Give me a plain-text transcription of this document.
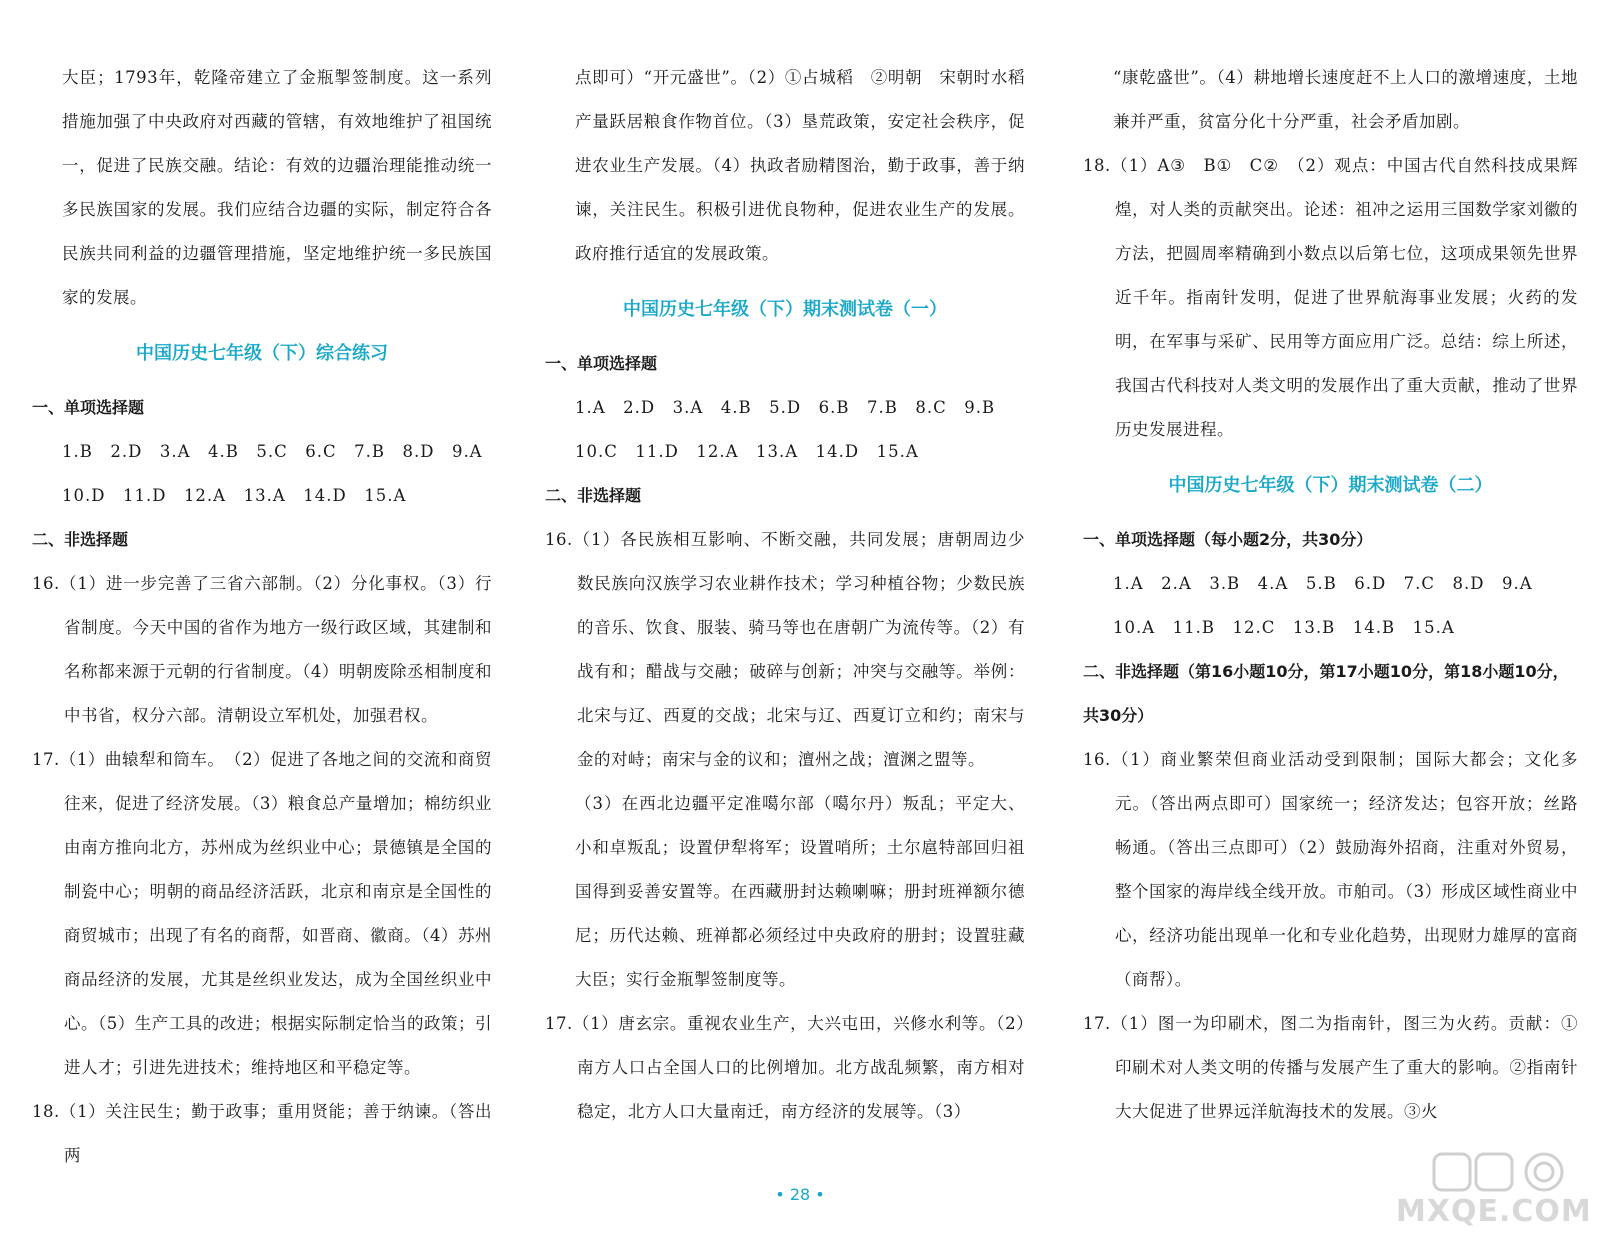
大臣；1793年，乾隆帝建立了金瓶掣签制度。这一系列措施加强了中央政府对西藏的管辖，有效地维护了祖国统一，促进了民族交融。结论：有效的边疆治理能推动统一多民族国家的发展。我们应结合边疆的实际，制定符合各民族共同利益的边疆管理措施，坚定地维护统一多民族国家的发展。

中国历史七年级（下）综合练习

一、单项选择题

1.B　2.D　3.A　4.B　5.C　6.C　7.B　8.D　9.A

10.D　11.D　12.A　13.A　14.D　15.A

二、非选择题

16.（1）进一步完善了三省六部制。（2）分化事权。（3）行省制度。今天中国的省作为地方一级行政区域，其建制和名称都来源于元朝的行省制度。（4）明朝废除丞相制度和中书省，权分六部。清朝设立军机处，加强君权。

17.（1）曲辕犁和筒车。　（2）促进了各地之间的交流和商贸往来，促进了经济发展。（3）粮食总产量增加；棉纺织业由南方推向北方，苏州成为丝织业中心；景德镇是全国的制瓷中心；明朝的商品经济活跃，北京和南京是全国性的商贸城市；出现了有名的商帮，如晋商、徽商。（4）苏州商品经济的发展，尤其是丝织业发达，成为全国丝织业中心。（5）生产工具的改进；根据实际制定恰当的政策；引进人才；引进先进技术；维持地区和平稳定等。

18.（1）关注民生；勤于政事；重用贤能；善于纳谏。（答出两

点即可）“开元盛世”。（2）①占城稻　②明朝　宋朝时水稻产量跃居粮食作物首位。（3）垦荒政策，安定社会秩序，促进农业生产发展。（4）执政者励精图治，勤于政事，善于纳谏，关注民生。积极引进优良物种，促进农业生产的发展。政府推行适宜的发展政策。

中国历史七年级（下）期末测试卷（一）

一、单项选择题

1.A　2.D　3.A　4.B　5.D　6.B　7.B　8.C　9.B

10.C　11.D　12.A　13.A　14.D　15.A

二、非选择题

16.（1）各民族相互影响、不断交融，共同发展；唐朝周边少数民族向汉族学习农业耕作技术；学习种植谷物；少数民族的音乐、饮食、服装、骑马等也在唐朝广为流传等。（2）有战有和；醋战与交融；破碎与创新；冲突与交融等。举例：北宋与辽、西夏的交战；北宋与辽、西夏订立和约；南宋与金的对峙；南宋与金的议和；澶州之战；澶渊之盟等。

（3）在西北边疆平定准噶尔部（噶尔丹）叛乱；平定大、小和卓叛乱；设置伊犁将军；设置哨所；土尔扈特部回归祖国得到妥善安置等。在西藏册封达赖喇嘛；册封班禅额尔德尼；历代达赖、班禅都必须经过中央政府的册封；设置驻藏大臣；实行金瓶掣签制度等。

17.（1）唐玄宗。重视农业生产，大兴屯田，兴修水利等。（2）南方人口占全国人口的比例增加。北方战乱频繁，南方相对稳定，北方人口大量南迁，南方经济的发展等。（3）

“康乾盛世”。（4）耕地增长速度赶不上人口的激增速度，土地兼并严重，贫富分化十分严重，社会矛盾加剧。

18.（1）A③　B①　C②　（2）观点：中国古代自然科技成果辉煌，对人类的贡献突出。论述：祖冲之运用三国数学家刘徽的方法，把圆周率精确到小数点以后第七位，这项成果领先世界近千年。指南针发明，促进了世界航海事业发展；火药的发明，在军事与采矿、民用等方面应用广泛。总结：综上所述，我国古代科技对人类文明的发展作出了重大贡献，推动了世界历史发展进程。

中国历史七年级（下）期末测试卷（二）

一、单项选择题（每小题2分，共30分）

1.A　2.A　3.B　4.A　5.B　6.D　7.C　8.D　9.A

10.A　11.B　12.C　13.B　14.B　15.A

二、非选择题（第16小题10分，第17小题10分，第18小题10分，共30分）

16.（1）商业繁荣但商业活动受到限制；国际大都会；文化多元。（答出两点即可）国家统一；经济发达；包容开放；丝路畅通。（答出三点即可）（2）鼓励海外招商，注重对外贸易，整个国家的海岸线全线开放。市舶司。（3）形成区域性商业中心，经济功能出现单一化和专业化趋势，出现财力雄厚的富商（商帮）。

17.（1）图一为印刷术，图二为指南针，图三为火药。贡献：①印刷术对人类文明的传播与发展产生了重大的影响。②指南针大大促进了世界远洋航海技术的发展。③火

• 28 •	MXQE.COM
